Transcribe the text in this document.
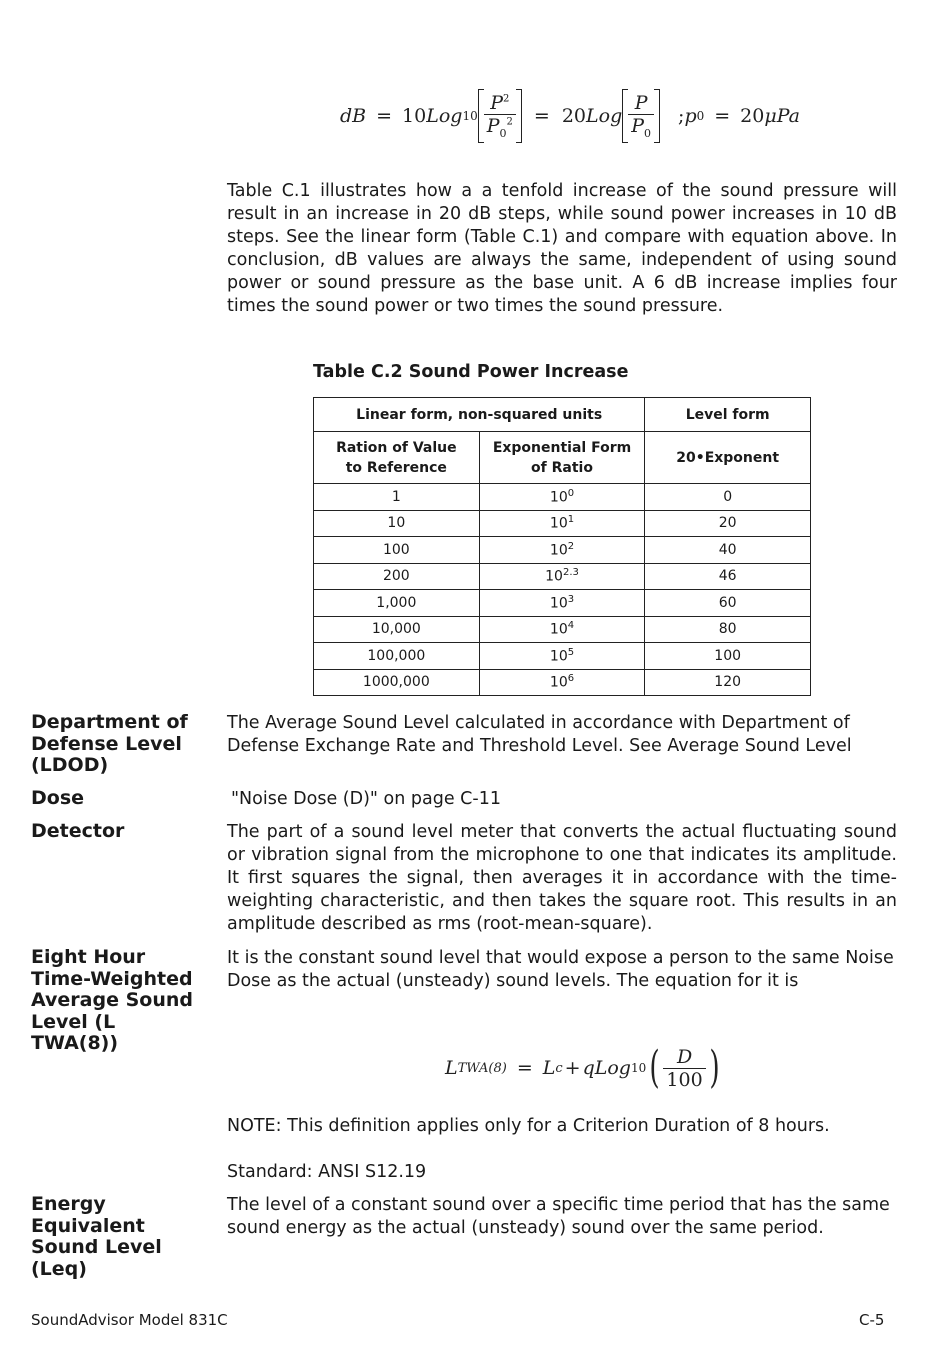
dB = 10 Log $10 \frac{P^2}{P_0^2} = 20$ Log $\frac{P}{P_0}$ ; p 0 = 20 μPa
Table C.1 illustrates how a a tenfold increase of the sound pressure will result in an increase in 20 dB steps, while sound power increases in 10 dB steps. See the linear form (Table C.1) and compare with equation above. In conclusion, dB values are always the same, independent of using sound power or sound pressure as the base unit. A 6 dB increase implies four times the sound power or two times the sound pressure.
Table C.2 Sound Power Increase
Linear form, non-squared units		Level form
Ration of Value to Reference	Exponential Form of Ratio	20•Exponent
1	$10^0$	0
10	$10^1$	20
100	$10^2$	40
200	$10^{2.3}$	46
1,000	$10^3$	60
10,000	$10^4$	80
100,000	$10^5$	100
1000,000	$10^6$	120
Department of Defense Level (LDOD)
The Average Sound Level calculated in accordance with Department of Defense Exchange Rate and Threshold Level. See Average Sound Level
Dose	"Noise Dose (D)" on page C-11
Detector	The part of a sound level meter that converts the actual fluctuating sound or vibration signal from the microphone to one that indicates its amplitude. It first squares the signal, then averages it in accordance with the time-weighting characteristic, and then takes the square root. This results in an amplitude described as rms (root-mean-square).
Eight Hour Time-Weighted Average Sound Level (L TWA(8))
It is the constant sound level that would expose a person to the same Noise Dose as the actual (unsteady) sound levels. The equation for it is
L TWA(8) = L c + q Log 10 ( $\frac{D}{100}$ )
NOTE: This definition applies only for a Criterion Duration of 8 hours.
Standard: ANSI S12.19
Energy Equivalent Sound Level (Leq)
The level of a constant sound over a specific time period that has the same sound energy as the actual (unsteady) sound over the same period.
SoundAdvisor Model 831C	C-5
